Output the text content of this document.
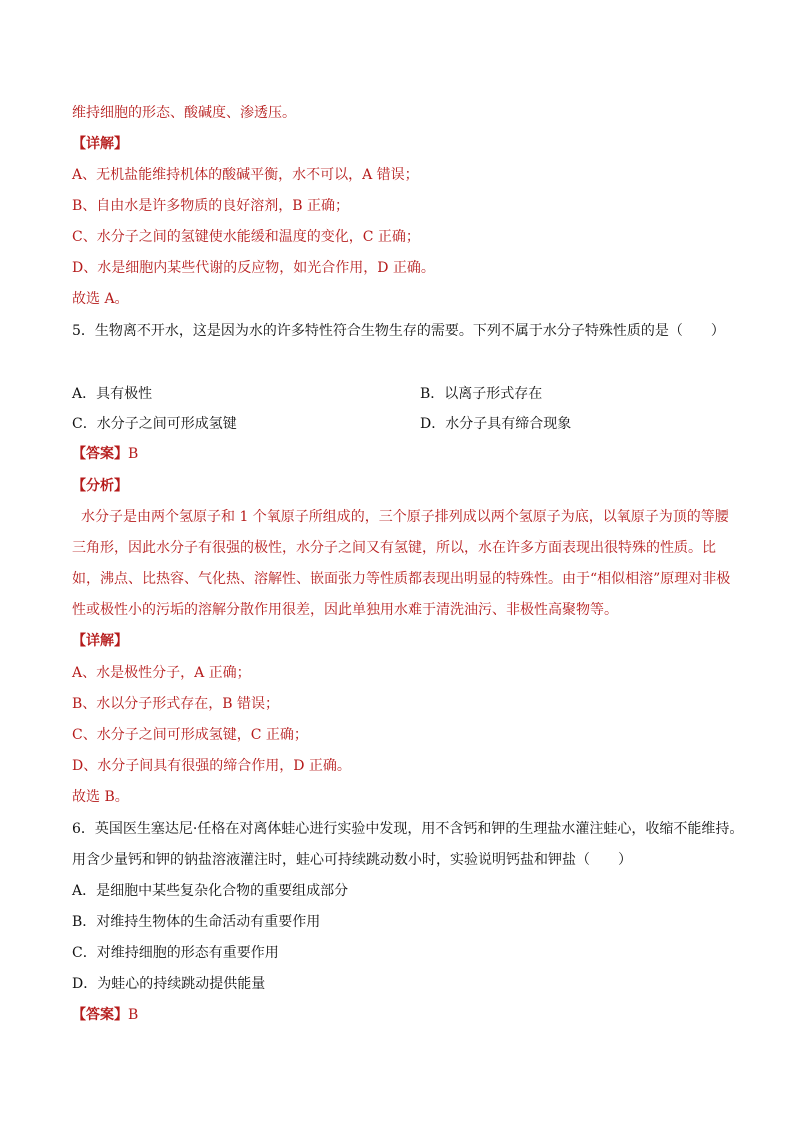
维持细胞的形态、酸碱度、渗透压。
【详解】
A、无机盐能维持机体的酸碱平衡，水不可以，A 错误；
B、自由水是许多物质的良好溶剂，B 正确；
C、水分子之间的氢键使水能缓和温度的变化，C 正确；
D、水是细胞内某些代谢的反应物，如光合作用，D 正确。
故选 A。
5．生物离不开水，这是因为水的许多特性符合生物生存的需要。下列不属于水分子特殊性质的是（　　）
A．具有极性	B．以离子形式存在
C．水分子之间可形成氢键	D．水分子具有缔合现象
【答案】B
【分析】
水分子是由两个氢原子和 1 个氧原子所组成的，三个原子排列成以两个氢原子为底，以氧原子为顶的等腰
三角形，因此水分子有很强的极性，水分子之间又有氢键，所以，水在许多方面表现出很特殊的性质。比
如，沸点、比热容、气化热、溶解性、嵌面张力等性质都表现出明显的特殊性。由于“相似相溶”原理对非极
性或极性小的污垢的溶解分散作用很差，因此单独用水难于清洗油污、非极性高聚物等。
【详解】
A、水是极性分子，A 正确；
B、水以分子形式存在，B 错误；
C、水分子之间可形成氢键，C 正确；
D、水分子间具有很强的缔合作用，D 正确。
故选 B。
6．英国医生塞达尼·任格在对离体蛙心进行实验中发现，用不含钙和钾的生理盐水灌注蛙心，收缩不能维持。
用含少量钙和钾的钠盐溶液灌注时，蛙心可持续跳动数小时，实验说明钙盐和钾盐（　　）
A．是细胞中某些复杂化合物的重要组成部分
B．对维持生物体的生命活动有重要作用
C．对维持细胞的形态有重要作用
D．为蛙心的持续跳动提供能量
【答案】B
